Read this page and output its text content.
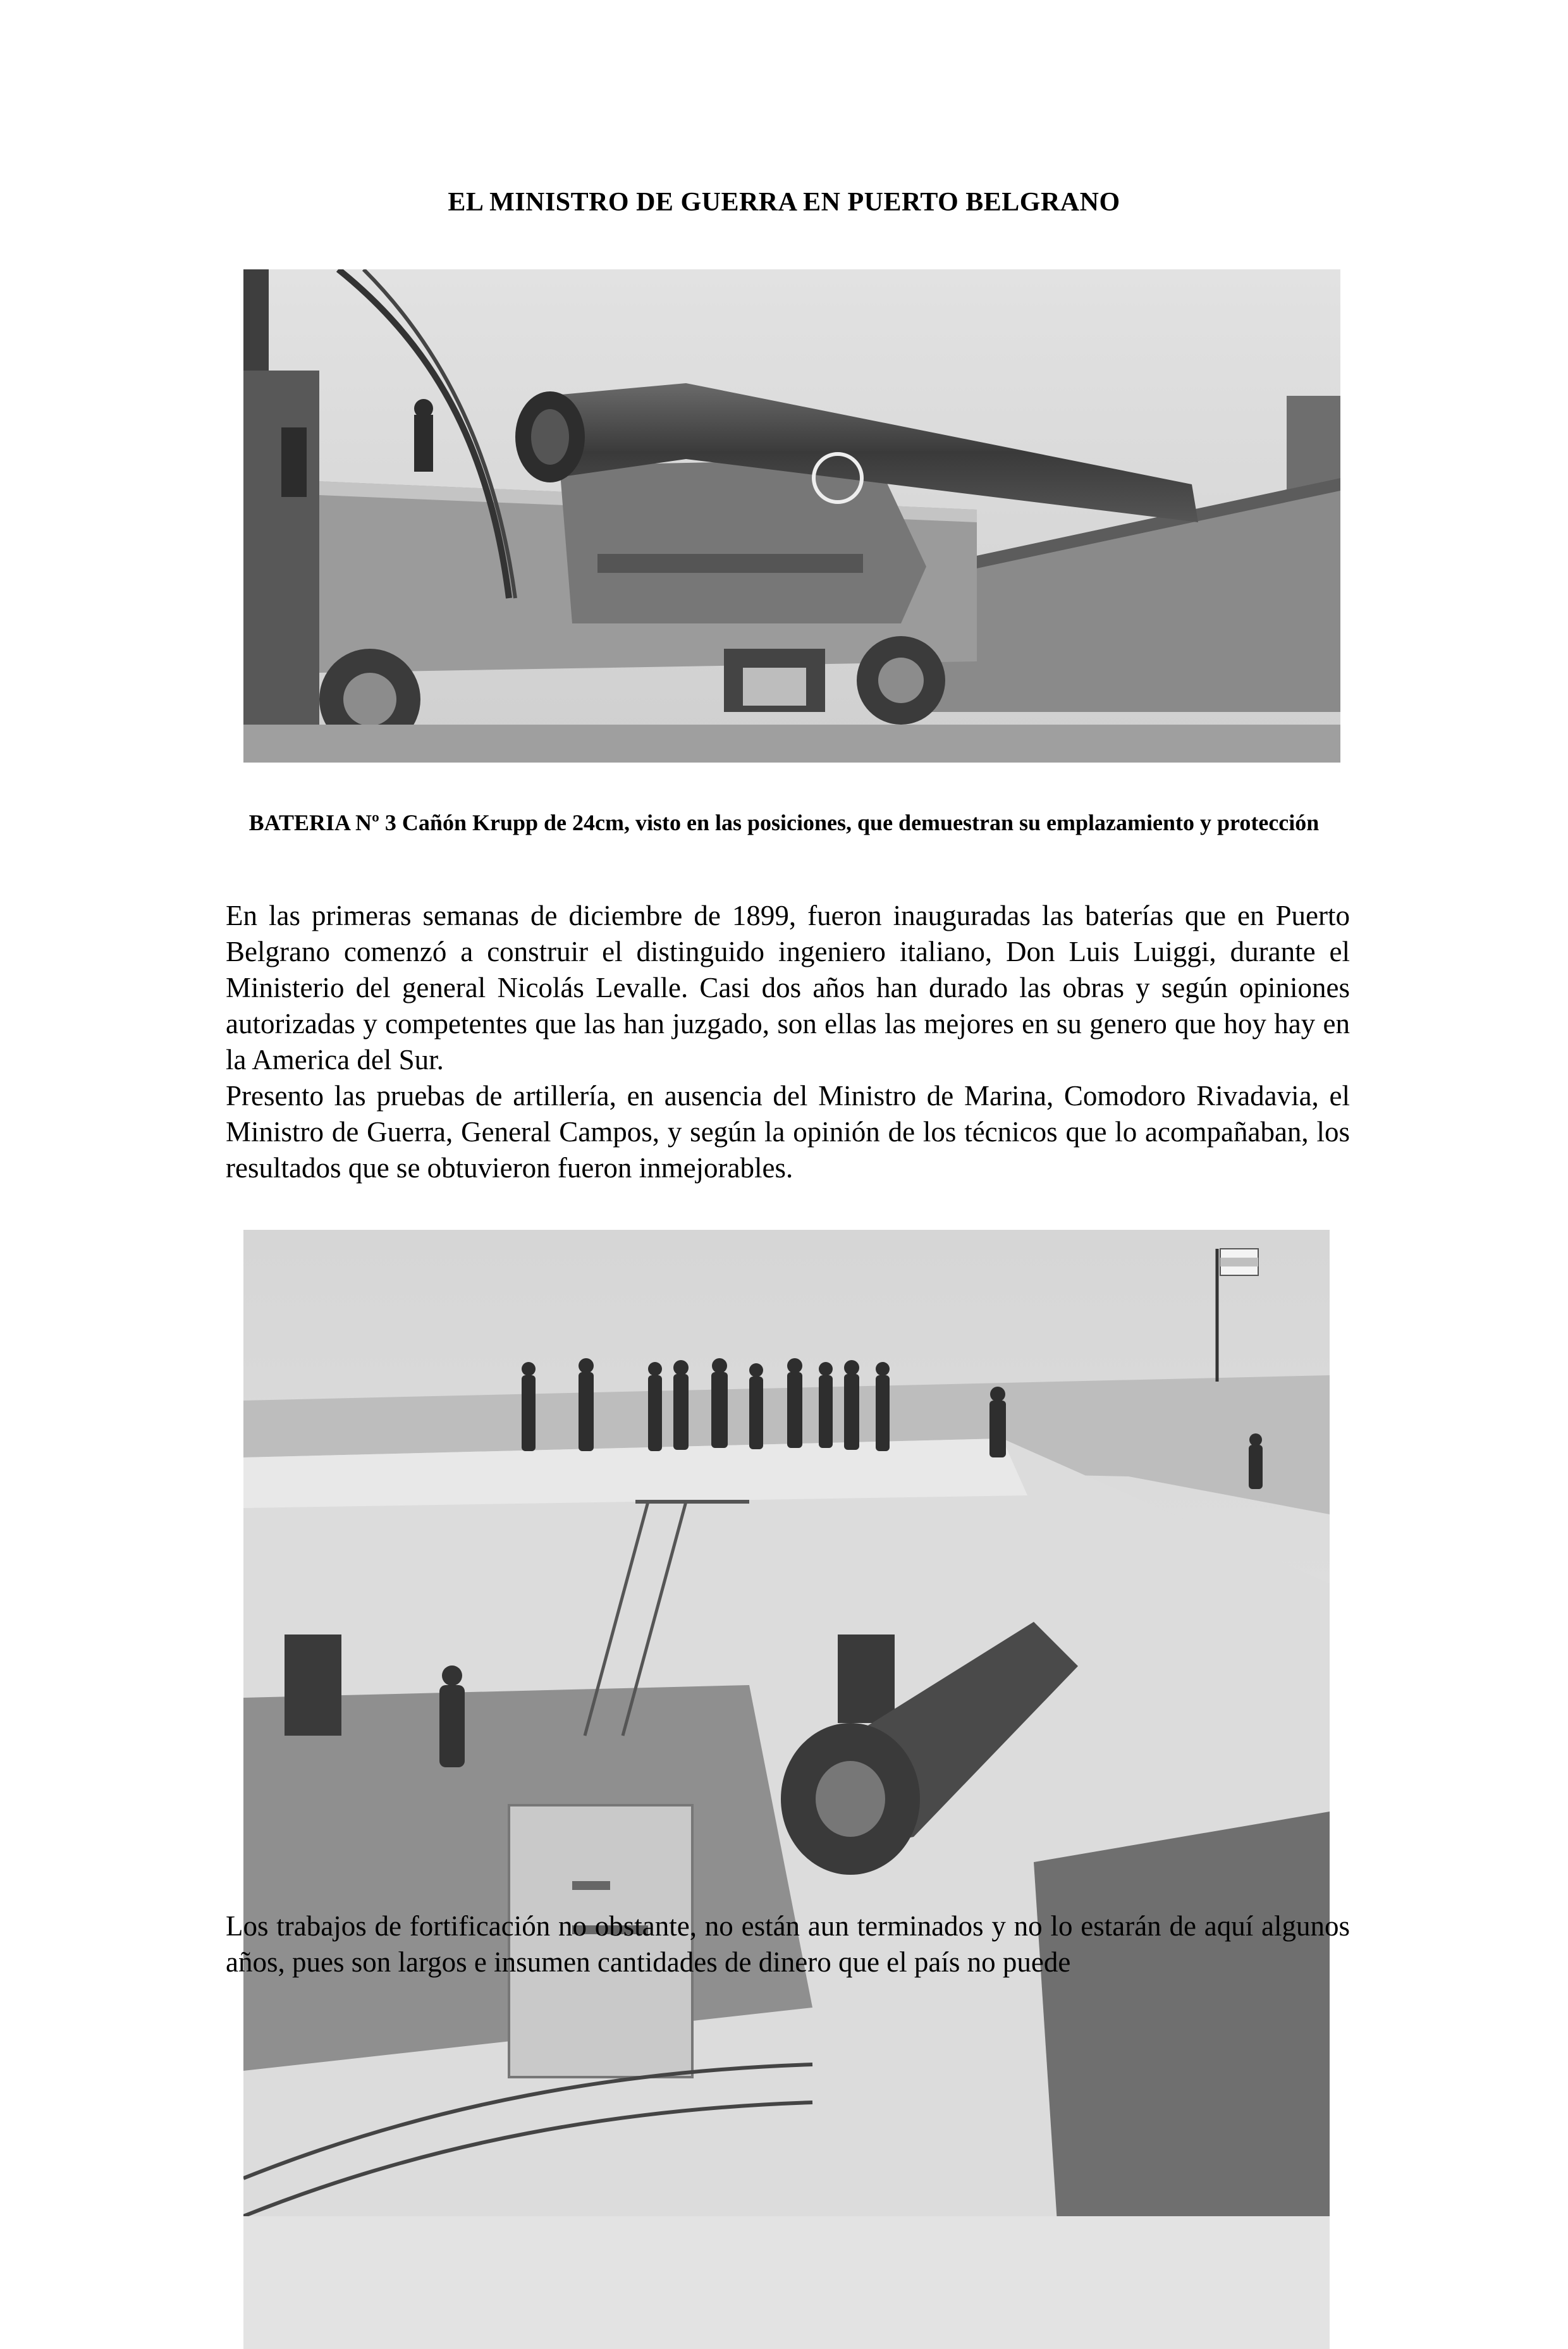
EL MINISTRO DE GUERRA EN PUERTO BELGRANO
BATERIA Nº 3 Cañón Krupp de 24cm, visto en las posiciones, que demuestran su emplazamiento y protección

En las primeras semanas de diciembre de 1899, fueron inauguradas las baterías que en Puerto Belgrano comenzó a construir el distinguido ingeniero italiano, Don Luis Luiggi, durante el Ministerio del general Nicolás Levalle. Casi dos años han durado las obras y según opiniones autorizadas y competentes que las han juzgado, son ellas las mejores en su genero que hoy hay en la America del Sur.

Presento las pruebas de artillería, en ausencia del Ministro de Marina, Comodoro Rivadavia, el Ministro de Guerra, General Campos, y según la opinión de los técnicos que lo acompañaban, los resultados que se obtuvieron fueron inmejorables.

Los trabajos de fortificación no obstante, no están aun terminados y no lo estarán de aquí algunos años, pues son largos e insumen cantidades de dinero que el país no puede
